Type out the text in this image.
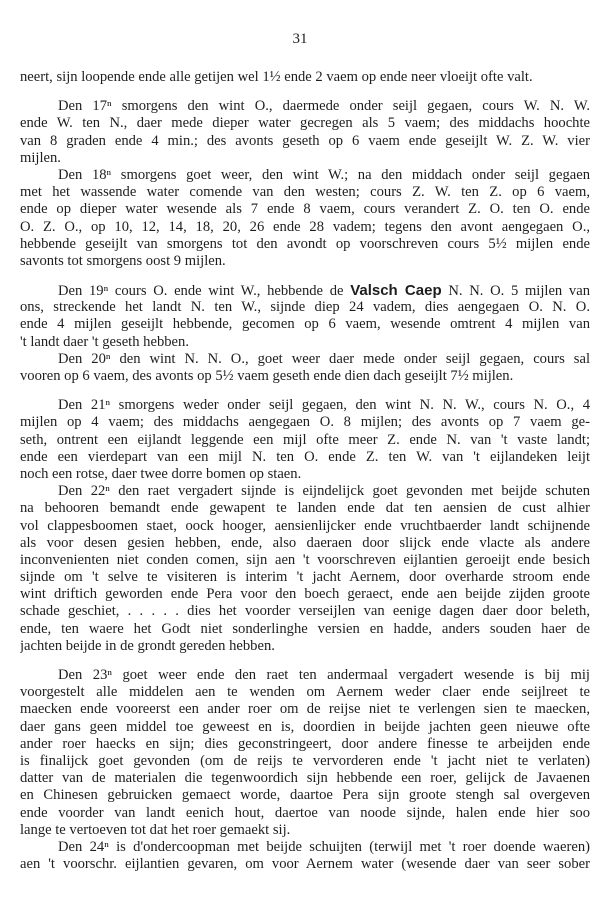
31
neert, sijn loopende ende alle getijen wel 1½ ende 2 vaem op ende neer vloeijt ofte valt.
Den 17ⁿ smorgens den wint O., daermede onder seijl gegaen, cours W. N. W.
ende W. ten N., daer mede dieper water gecregen als 5 vaem; des middachs hoochte
van 8 graden ende 4 min.; des avonts geseth op 6 vaem ende geseijlt W. Z. W. vier
mijlen.
Den 18ⁿ smorgens goet weer, den wint W.; na den middach onder seijl gegaen
met het wassende water comende van den westen; cours Z. W. ten Z. op 6 vaem,
ende op dieper water wesende als 7 ende 8 vaem, cours verandert Z. O. ten O. ende
O. Z. O., op 10, 12, 14, 18, 20, 26 ende 28 vadem; tegens den avont aengegaen O.,
hebbende geseijlt van smorgens tot den avondt op voorschreven cours 5½ mijlen ende
savonts tot smorgens oost 9 mijlen.
Den 19ⁿ cours O. ende wint W., hebbende de Valsch Caep N. N. O. 5 mijlen van
ons, streckende het landt N. ten W., sijnde diep 24 vadem, dies aengegaen O. N. O.
ende 4 mijlen geseijlt hebbende, gecomen op 6 vaem, wesende omtrent 4 mijlen van
't landt daer 't geseth hebben.
Den 20ⁿ den wint N. N. O., goet weer daer mede onder seijl gegaen, cours sal
vooren op 6 vaem, des avonts op 5½ vaem geseth ende dien dach geseijlt 7½ mijlen.
Den 21ⁿ smorgens weder onder seijl gegaen, den wint N. N. W., cours N. O., 4
mijlen op 4 vaem; des middachs aengegaen O. 8 mijlen; des avonts op 7 vaem ge-
seth, ontrent een eijlandt leggende een mijl ofte meer Z. ende N. van 't vaste landt;
ende een vierdepart van een mijl N. ten O. ende Z. ten W. van 't eijlandeken leijt
noch een rotse, daer twee dorre bomen op staen.
Den 22ⁿ den raet vergadert sijnde is eijndelijck goet gevonden met beijde schuten
na behooren bemandt ende gewapent te landen ende dat ten aensien de cust alhier
vol clappesboomen staet, oock hooger, aensienlijcker ende vruchtbaerder landt schijnende
als voor desen gesien hebben, ende, also daeraen door slijck ende vlacte als andere
inconvenienten niet conden comen, sijn aen 't voorschreven eijlantien geroeijt ende besich
sijnde om 't selve te visiteren is interim 't jacht Aernem, door overharde stroom ende
wint driftich geworden ende Pera voor den boech geraect, ende aen beijde zijden groote
schade geschiet, . . . . . dies het voorder verseijlen van eenige dagen daer door beleth,
ende, ten waere het Godt niet sonderlinghe versien en hadde, anders souden haer de
jachten beijde in de grondt gereden hebben.
Den 23ⁿ goet weer ende den raet ten andermaal vergadert wesende is bij mij
voorgestelt alle middelen aen te wenden om Aernem weder claer ende seijlreet te
maecken ende vooreerst een ander roer om de reijse niet te verlengen sien te maecken,
daer gans geen middel toe geweest en is, doordien in beijde jachten geen nieuwe ofte
ander roer haecks en sijn; dies geconstringeert, door andere finesse te arbeijden ende
is finalijck goet gevonden (om de reijs te vervorderen ende 't jacht niet te verlaten)
datter van de materialen die tegenwoordich sijn hebbende een roer, gelijck de Javaenen
en Chinesen gebruicken gemaect worde, daartoe Pera sijn groote stengh sal overgeven
ende voorder van landt eenich hout, daertoe van noode sijnde, halen ende hier soo
lange te vertoeven tot dat het roer gemaekt sij.
Den 24ⁿ is d'ondercoopman met beijde schuijten (terwijl met 't roer doende waeren)
aen 't voorschr. eijlantien gevaren, om voor Aernem water (wesende daer van seer sober
